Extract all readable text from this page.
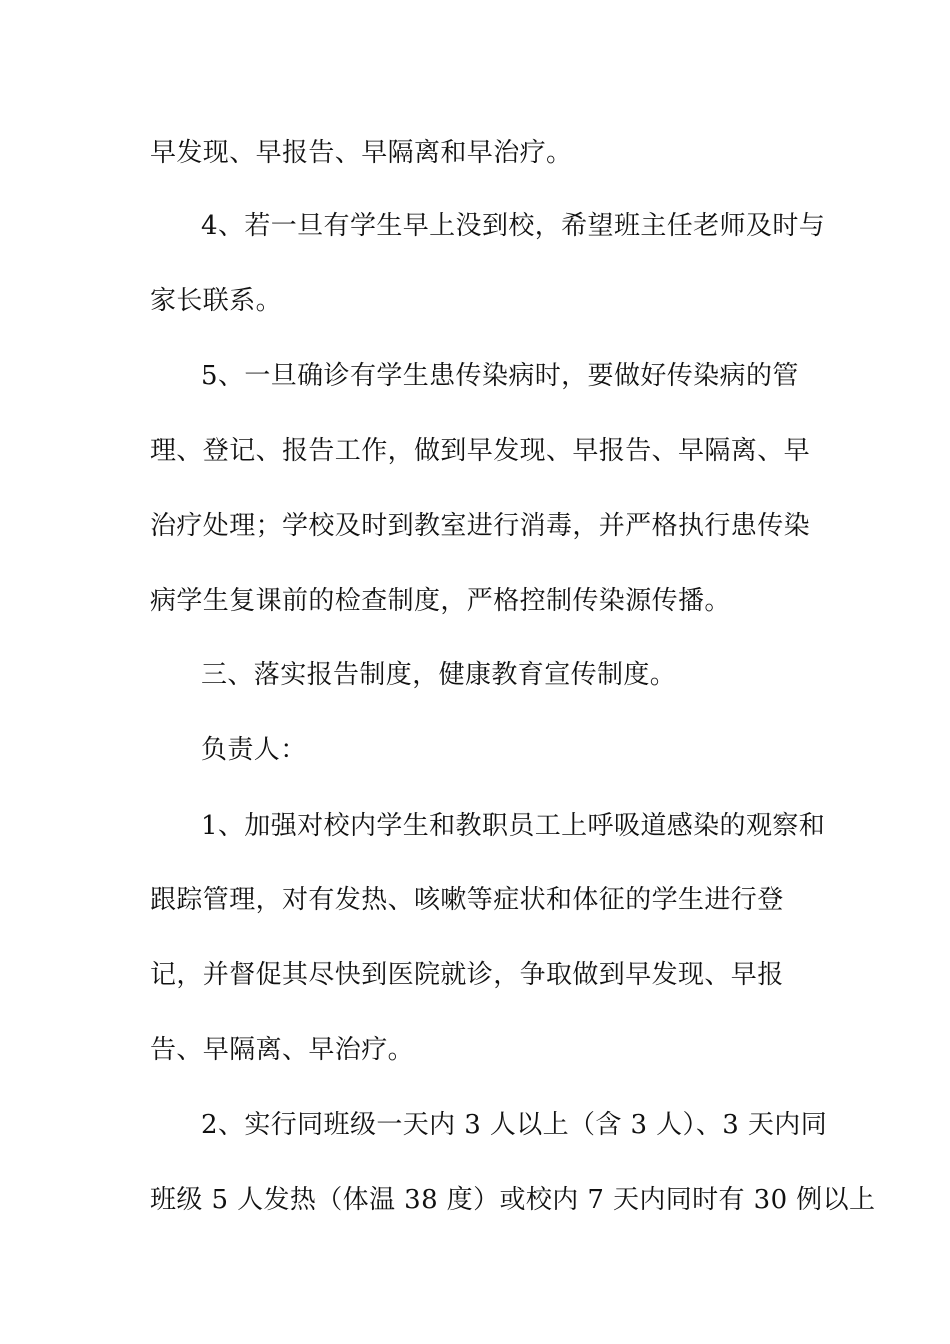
早发现、早报告、早隔离和早治疗。
4、若一旦有学生早上没到校，希望班主任老师及时与
家长联系。
5、一旦确诊有学生患传染病时，要做好传染病的管
理、登记、报告工作，做到早发现、早报告、早隔离、早
治疗处理；学校及时到教室进行消毒，并严格执行患传染
病学生复课前的检查制度，严格控制传染源传播。
三、落实报告制度，健康教育宣传制度。
负责人：
1、加强对校内学生和教职员工上呼吸道感染的观察和
跟踪管理，对有发热、咳嗽等症状和体征的学生进行登
记，并督促其尽快到医院就诊，争取做到早发现、早报
告、早隔离、早治疗。
2、实行同班级一天内 3 人以上（含 3 人）、3 天内同
班级 5 人发热（体温 38 度）或校内 7 天内同时有 30 例以上
